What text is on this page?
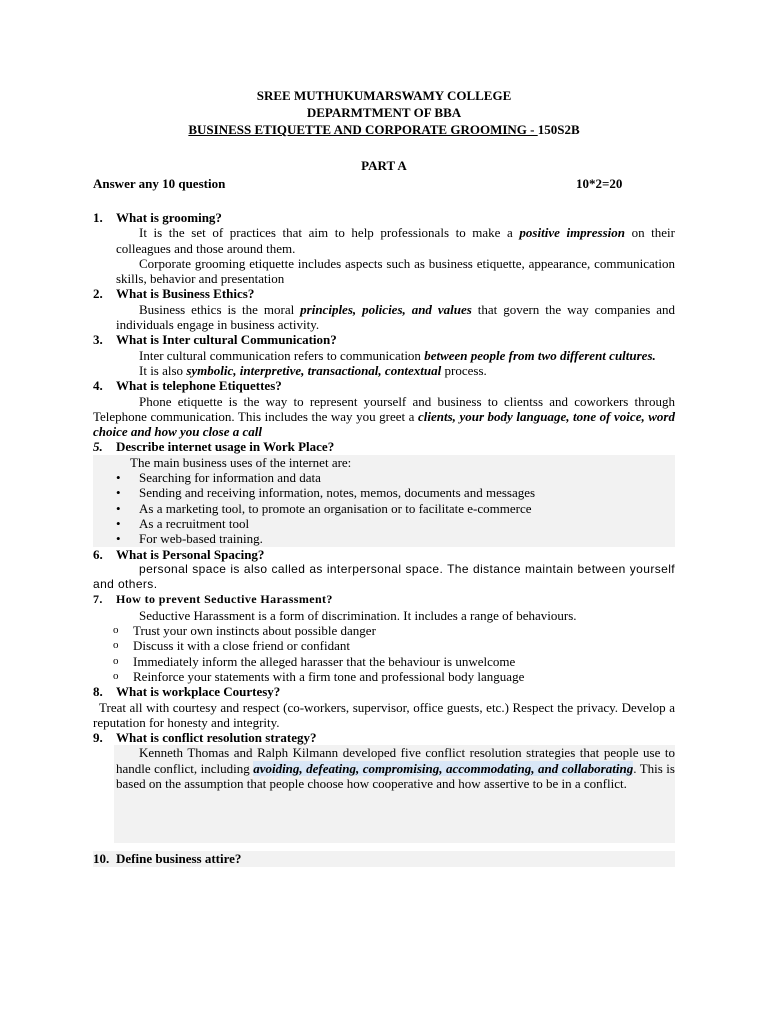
SREE MUTHUKUMARSWAMY COLLEGE
DEPARMTMENT OF BBA
BUSINESS ETIQUETTE AND CORPORATE GROOMING - 150S2B
PART A
Answer any 10 question	10*2=20
1. What is grooming?

It is the set of practices that aim to help professionals to make a positive impression on their colleagues and those around them.

Corporate grooming etiquette includes aspects such as business etiquette, appearance, communication skills, behavior and presentation

2. What is Business Ethics?

Business ethics is the moral principles, policies, and values that govern the way companies and individuals engage in business activity.

3. What is Inter cultural Communication?

Inter cultural communication refers to communication between people from two different cultures.

It is also symbolic, interpretive, transactional, contextual process.

4. What is telephone Etiquettes?

Phone etiquette is the way to represent yourself and business to clientss and coworkers through Telephone communication. This includes the way you greet a clients, your body language, tone of voice, word choice and how you close a call

5. Describe internet usage in Work Place?

The main business uses of the internet are:

• Searching for information and data
• Sending and receiving information, notes, memos, documents and messages
• As a marketing tool, to promote an organisation or to facilitate e-commerce
• As a recruitment tool
• For web-based training.
6. What is Personal Spacing?

personal space is also called as interpersonal space. The distance maintain between yourself and others.

7. How to prevent Seductive Harassment?

Seductive Harassment is a form of discrimination. It includes a range of behaviours.

o Trust your own instincts about possible danger
o Discuss it with a close friend or confidant
o Immediately inform the alleged harasser that the behaviour is unwelcome
o Reinforce your statements with a firm tone and professional body language
8. What is workplace Courtesy?

Treat all with courtesy and respect (co-workers, supervisor, office guests, etc.) Respect the privacy. Develop a reputation for honesty and integrity.

9. What is conflict resolution strategy?

Kenneth Thomas and Ralph Kilmann developed five conflict resolution strategies that people use to handle conflict, including avoiding, defeating, compromising, accommodating, and collaborating. This is based on the assumption that people choose how cooperative and how assertive to be in a conflict.

10. Define business attire?
